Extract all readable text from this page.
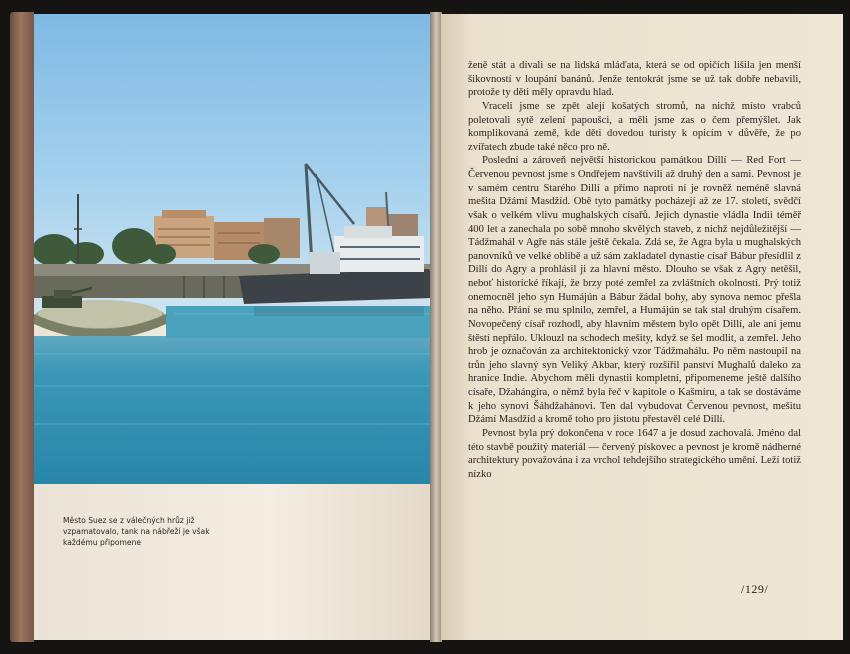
Město Suez se z válečných hrůz již
vzpamatovalo, tank na nábřeží je však
každému připomene

ženě stát a dívali se na lidská mláďata, která se od opičích lišila jen menší šikovností v loupání banánů. Jenže tentokrát jsme se už tak dobře nebavili, protože ty děti měly opravdu hlad.

Vraceli jsme se zpět alejí košatých stromů, na nichž místo vrabců poletovali sytě zelení papoušci, a měli jsme zas o čem přemýšlet. Jak komplikovaná země, kde děti dovedou turisty k opicím v důvěře, že po zvířatech zbude také něco pro ně.

Poslední a zároveň největší historickou památkou Dillí — Red Fort — Červenou pevnost jsme s Ondřejem navštívili až druhý den a sami. Pevnost je v samém centru Starého Dillí a přímo naproti ní je rovněž neméně slavná mešita Džámí Masdžíd. Obě tyto památky pocházejí až ze 17. století, svědčí však o velkém vlivu mughalských císařů. Jejich dynastie vládla Indii téměř 400 let a zanechala po sobě mnoho skvělých staveb, z nichž nejdůležitější — Tádžmahál v Agře nás stále ještě čekala. Zdá se, že Agra byla u mughalských panovníků ve velké oblibě a už sám zakladatel dynastie císař Bábur přesídlil z Dillí do Agry a prohlásil ji za hlavní město. Dlouho se však z Agry netěšil, neboť historické říkají, že brzy poté zemřel za zvláštních okolností. Prý totiž onemocněl jeho syn Humájún a Bábur žádal bohy, aby synova nemoc přešla na něho. Přání se mu splnilo, zemřel, a Humájún se tak stal druhým císařem. Novopečený císař rozhodl, aby hlavním městem bylo opět Dillí, ale ani jemu štěstí nepřálo. Uklouzl na schodech mešity, když se šel modlit, a zemřel. Jeho hrob je označován za architektonický vzor Tádžmahálu. Po něm nastoupil na trůn jeho slavný syn Veliký Akbar, který rozšířil panství Mughalů daleko za hranice Indie. Abychom měli dynastii kompletní, připomeneme ještě dalšího císaře, Džahángíra, o němž byla řeč v kapitole o Kašmíru, a tak se dostáváme k jeho synovi Šáhdžahánovi. Ten dal vybudovat Červenou pevnost, mešitu Džámí Masdžíd a kromě toho pro jistotu přestavěl celé Dillí.

Pevnost byla prý dokončena v roce 1647 a je dosud zachovalá. Jméno dal této stavbě použitý materiál — červený pískovec a pevnost je kromě nádherné architektury považována i za vrchol tehdejšího strategického umění. Leží totiž nízko

/129/
